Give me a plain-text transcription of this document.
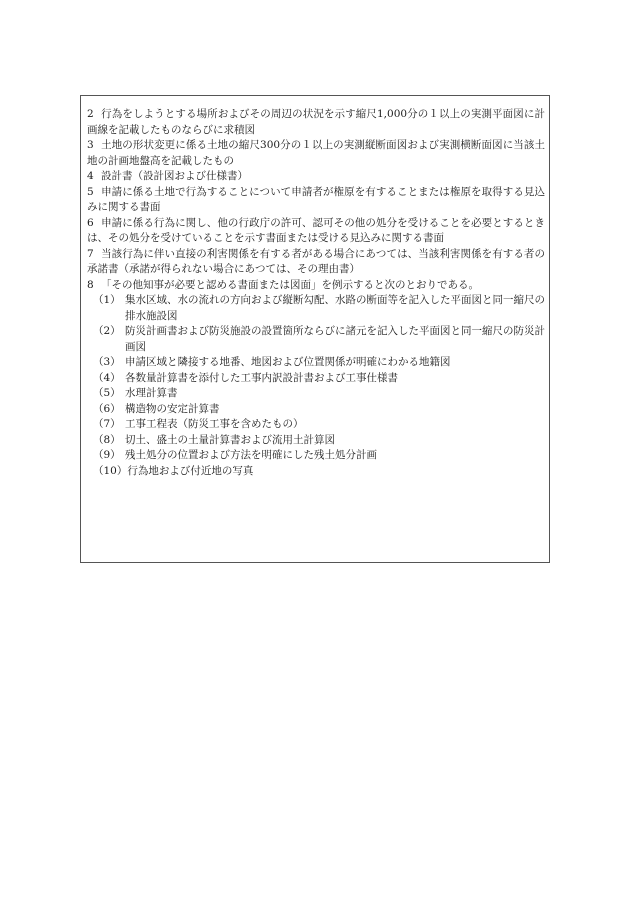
2 行為をしようとする場所およびその周辺の状況を示す縮尺1,000分の１以上の実測平面図に計画線を記載したものならびに求積図

3 土地の形状変更に係る土地の縮尺300分の１以上の実測縦断面図および実測横断面図に当該土地の計画地盤高を記載したもの

4 設計書（設計図および仕様書）

5 申請に係る土地で行為することについて申請者が権原を有することまたは権原を取得する見込みに関する書面

6 申請に係る行為に関し、他の行政庁の許可、認可その他の処分を受けることを必要とするときは、その処分を受けていることを示す書面または受ける見込みに関する書面

7 当該行為に伴い直接の利害関係を有する者がある場合にあつては、当該利害関係を有する者の承諾書（承諾が得られない場合にあつては、その理由書）

8 「その他知事が必要と認める書面または図面」を例示すると次のとおりである。

（1） 集水区域、水の流れの方向および縦断勾配、水路の断面等を記入した平面図と同一縮尺の排水施設図
（2） 防災計画書および防災施設の設置箇所ならびに諸元を記入した平面図と同一縮尺の防災計画図
（3） 申請区域と隣接する地番、地図および位置関係が明確にわかる地籍図
（4） 各数量計算書を添付した工事内訳設計書および工事仕様書
（5） 水理計算書
（6） 構造物の安定計算書
（7） 工事工程表（防災工事を含めたもの）
（8） 切土、盛土の土量計算書および流用土計算図
（9） 残土処分の位置および方法を明確にした残土処分計画
（10） 行為地および付近地の写真
